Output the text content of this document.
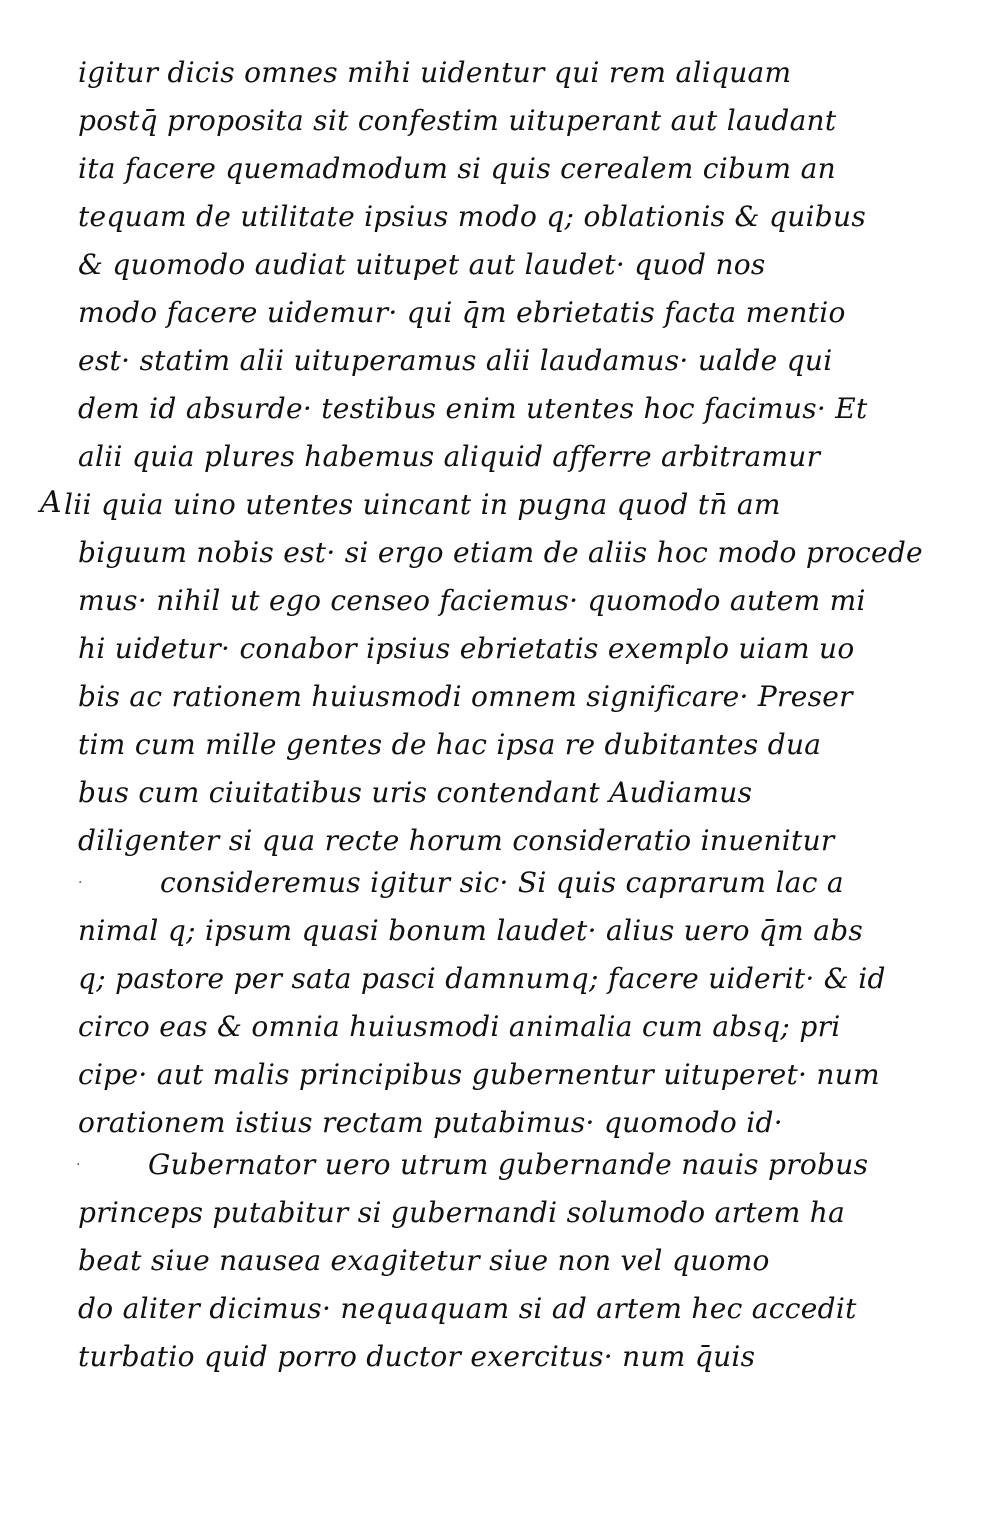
igitur dicis omnes mihi uidentur qui rem aliquam
postq̄ proposita sit confestim uituperant aut laudant
ita facere quemadmodum si quis cerealem cibum an
tequam de utilitate ipsius modo q; oblationis & quibus
& quomodo audiat uitupet aut laudet· quod nos
modo facere uidemur· qui q̄m ebrietatis facta mentio
est· statim alii uituperamus alii laudamus· ualde qui
dem id absurde· testibus enim utentes hoc facimus· Et
alii quia plures habemus aliquid afferre arbitramur
A lii quia uino utentes uincant in pugna quod tn̄ am
biguum nobis est· si ergo etiam de aliis hoc modo procede
mus· nihil ut ego censeo faciemus· quomodo autem mi
hi uidetur· conabor ipsius ebrietatis exemplo uiam uo
bis ac rationem huiusmodi omnem significare· Preser
tim cum mille gentes de hac ipsa re dubitantes dua
bus cum ciuitatibus uris contendant Audiamus
diligenter si qua recte horum consideratio inuenitur
·	consideremus igitur sic· Si quis caprarum lac a
nimal q; ipsum quasi bonum laudet· alius uero q̄m abs
q; pastore per sata pasci damnumq; facere uiderit· & id
circo eas & omnia huiusmodi animalia cum absq; pri
cipe· aut malis principibus gubernentur uituperet· num
orationem istius rectam putabimus· quomodo id·
· Gubernator uero utrum gubernande nauis probus
princeps putabitur si gubernandi solumodo artem ha
beat siue nausea exagitetur siue non vel quomo
do aliter dicimus· nequaquam si ad artem hec accedit
turbatio quid porro ductor exercitus· num q̄uis
